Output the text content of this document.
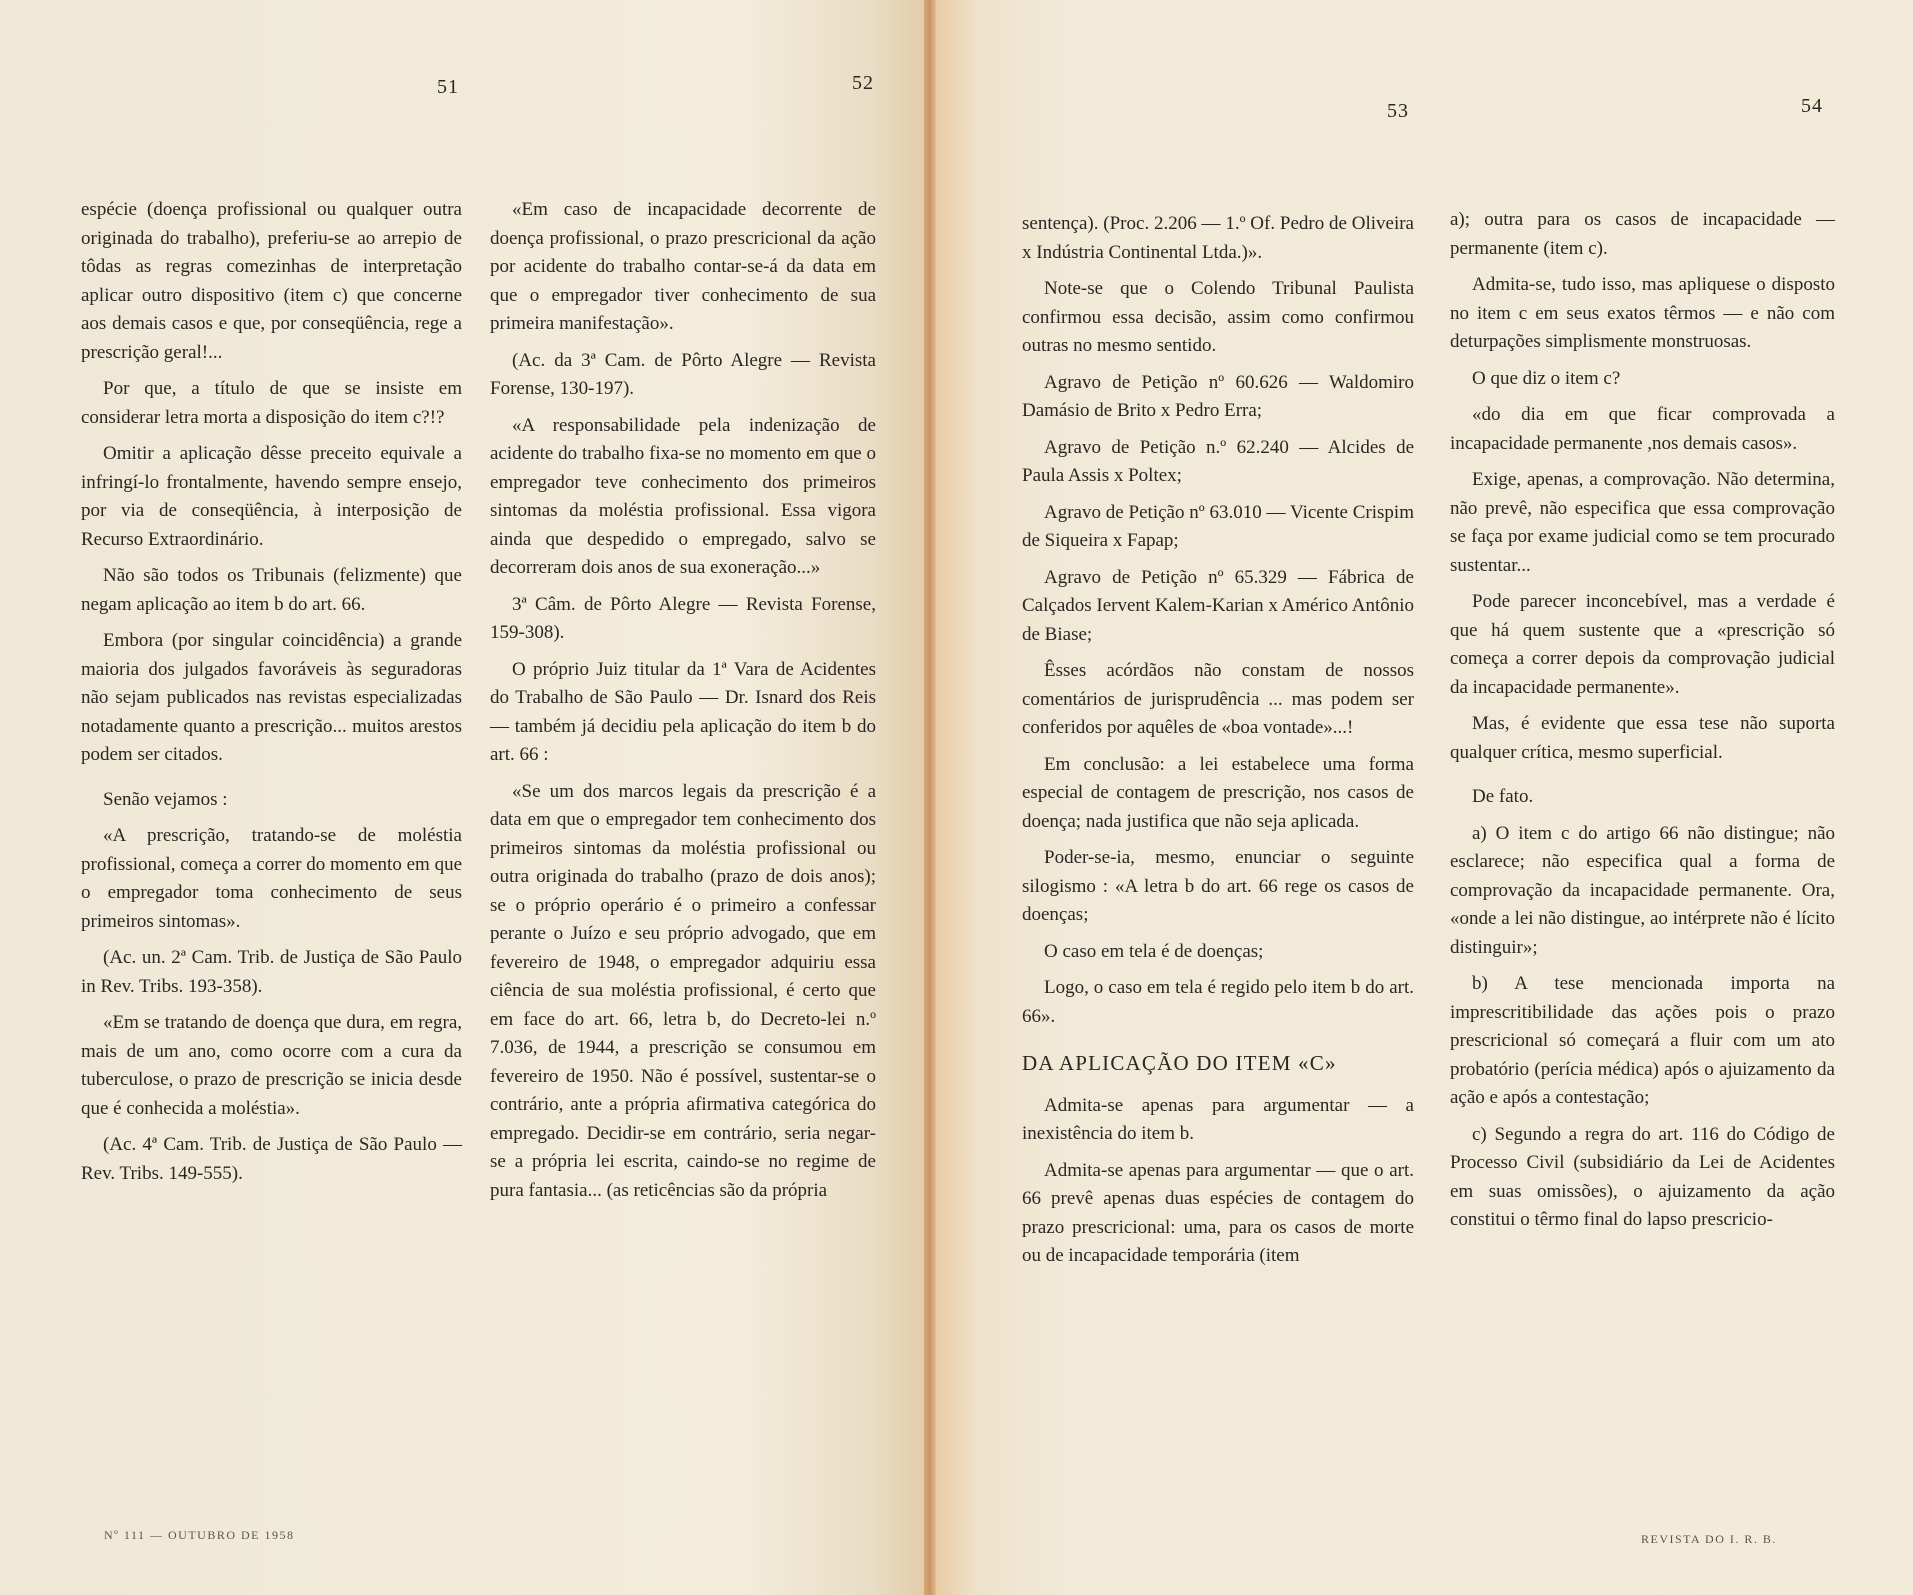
51	52

espécie (doença profissional ou qualquer outra originada do trabalho), preferiu-se ao arrepio de tôdas as regras comezinhas de interpretação aplicar outro dispositivo (item c) que concerne aos demais casos e que, por conseqüência, rege a prescrição geral!...

Por que, a título de que se insiste em considerar letra morta a disposição do item c?!?

Omitir a aplicação dêsse preceito equivale a infringí-lo frontalmente, havendo sempre ensejo, por via de conseqüência, à interposição de Recurso Extraordinário.

Não são todos os Tribunais (felizmente) que negam aplicação ao item b do art. 66.

Embora (por singular coincidência) a grande maioria dos julgados favoráveis às seguradoras não sejam publicados nas revistas especializadas notadamente quanto a prescrição... muitos arestos podem ser citados.

Senão vejamos :

«A prescrição, tratando-se de moléstia profissional, começa a correr do momento em que o empregador toma conhecimento de seus primeiros sintomas».

(Ac. un. 2ª Cam. Trib. de Justiça de São Paulo in Rev. Tribs. 193-358).

«Em se tratando de doença que dura, em regra, mais de um ano, como ocorre com a cura da tuberculose, o prazo de prescrição se inicia desde que é conhecida a moléstia».

(Ac. 4ª Cam. Trib. de Justiça de São Paulo — Rev. Tribs. 149-555).

«Em caso de incapacidade decorrente de doença profissional, o prazo prescricional da ação por acidente do trabalho contar-se-á da data em que o empregador tiver conhecimento de sua primeira manifestação».

(Ac. da 3ª Cam. de Pôrto Alegre — Revista Forense, 130-197).

«A responsabilidade pela indenização de acidente do trabalho fixa-se no momento em que o empregador teve conhecimento dos primeiros sintomas da moléstia profissional. Essa vigora ainda que despedido o empregado, salvo se decorreram dois anos de sua exoneração...»

3ª Câm. de Pôrto Alegre — Revista Forense, 159-308).

O próprio Juiz titular da 1ª Vara de Acidentes do Trabalho de São Paulo — Dr. Isnard dos Reis — também já decidiu pela aplicação do item b do art. 66 :

«Se um dos marcos legais da prescrição é a data em que o empregador tem conhecimento dos primeiros sintomas da moléstia profissional ou outra originada do trabalho (prazo de dois anos); se o próprio operário é o primeiro a confessar perante o Juízo e seu próprio advogado, que em fevereiro de 1948, o empregador adquiriu essa ciência de sua moléstia profissional, é certo que em face do art. 66, letra b, do Decreto-lei n.º 7.036, de 1944, a prescrição se consumou em fevereiro de 1950. Não é possível, sustentar-se o contrário, ante a própria afirmativa categórica do empregado. Decidir-se em contrário, seria negar-se a própria lei escrita, caindo-se no regime de pura fantasia... (as reticências são da própria

Nº 111 — OUTUBRO DE 1958
53	54

sentença). (Proc. 2.206 — 1.º Of. Pedro de Oliveira x Indústria Continental Ltda.)».

Note-se que o Colendo Tribunal Paulista confirmou essa decisão, assim como confirmou outras no mesmo sentido.

Agravo de Petição nº 60.626 — Waldomiro Damásio de Brito x Pedro Erra;

Agravo de Petição n.º 62.240 — Alcides de Paula Assis x Poltex;

Agravo de Petição nº 63.010 — Vicente Crispim de Siqueira x Fapap;

Agravo de Petição nº 65.329 — Fábrica de Calçados Iervent Kalem-Karian x Américo Antônio de Biase;

Êsses acórdãos não constam de nossos comentários de jurisprudência ... mas podem ser conferidos por aquêles de «boa vontade»...!

Em conclusão: a lei estabelece uma forma especial de contagem de prescrição, nos casos de doença; nada justifica que não seja aplicada.

Poder-se-ia, mesmo, enunciar o seguinte silogismo : «A letra b do art. 66 rege os casos de doenças;

O caso em tela é de doenças;

Logo, o caso em tela é regido pelo item b do art. 66».

DA APLICAÇÃO DO ITEM «C»

Admita-se apenas para argumentar — a inexistência do item b.

Admita-se apenas para argumentar — que o art. 66 prevê apenas duas espécies de contagem do prazo prescricional: uma, para os casos de morte ou de incapacidade temporária (item

a); outra para os casos de incapacidade — permanente (item c).

Admita-se, tudo isso, mas apliquese o disposto no item c em seus exatos têrmos — e não com deturpações simplismente monstruosas.

O que diz o item c?

«do dia em que ficar comprovada a incapacidade permanente ,nos demais casos».

Exige, apenas, a comprovação. Não determina, não prevê, não especifica que essa comprovação se faça por exame judicial como se tem procurado sustentar...

Pode parecer inconcebível, mas a verdade é que há quem sustente que a «prescrição só começa a correr depois da comprovação judicial da incapacidade permanente».

Mas, é evidente que essa tese não suporta qualquer crítica, mesmo superficial.

De fato.

a) O item c do artigo 66 não distingue; não esclarece; não especifica qual a forma de comprovação da incapacidade permanente. Ora, «onde a lei não distingue, ao intérprete não é lícito distinguir»;

b) A tese mencionada importa na imprescritibilidade das ações pois o prazo prescricional só começará a fluir com um ato probatório (perícia médica) após o ajuizamento da ação e após a contestação;

c) Segundo a regra do art. 116 do Código de Processo Civil (subsidiário da Lei de Acidentes em suas omissões), o ajuizamento da ação constitui o têrmo final do lapso prescricio-

REVISTA DO I. R. B.
